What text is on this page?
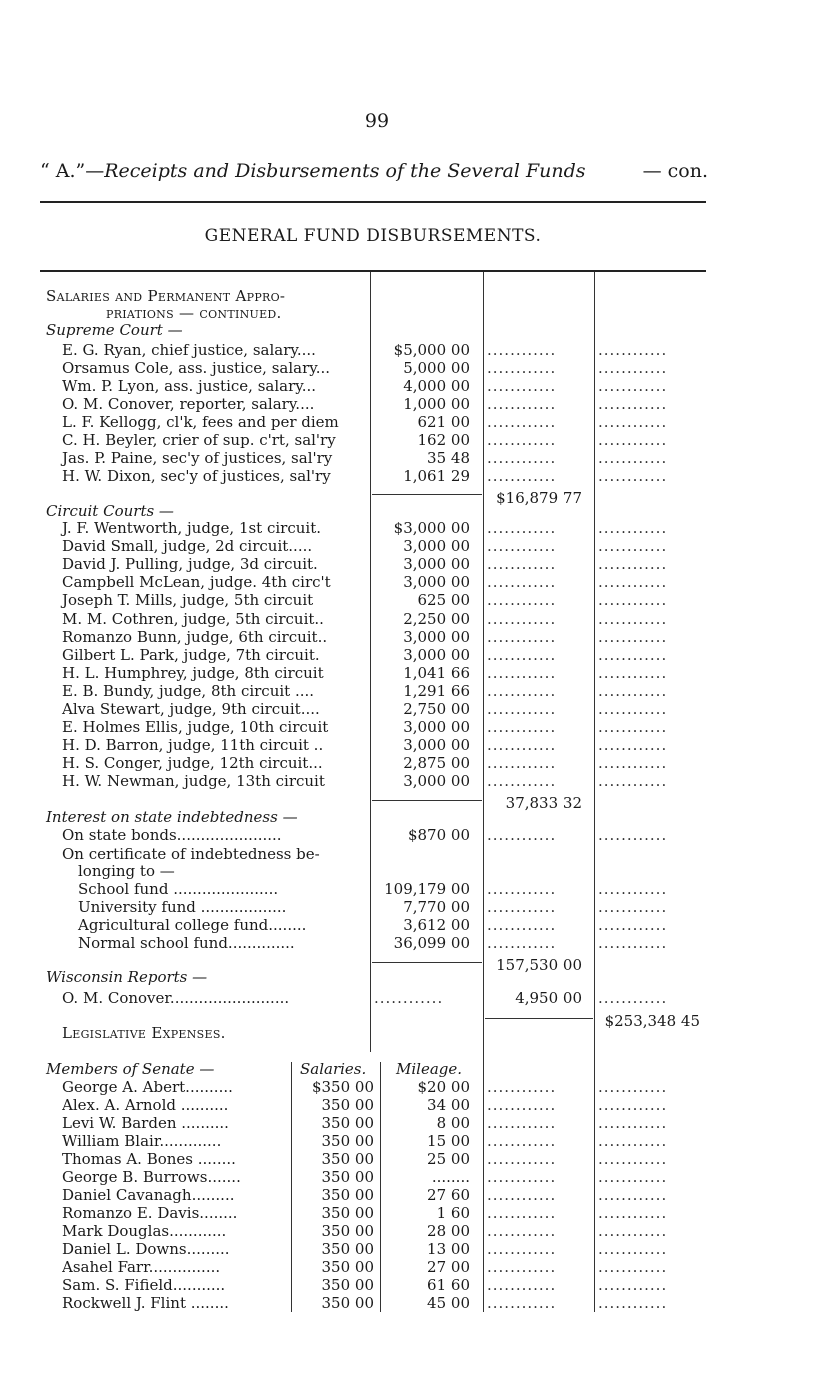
99
“ A.”—Receipts and Disbursements of the Several Funds	— con.
GENERAL FUND DISBURSEMENTS.
Salaries and Permanent Appro-
priations — continued.
Supreme Court —
E. G. Ryan, chief justice, salary....	$5,000 00 ............	............
Orsamus Cole, ass. justice, salary...	5,000 00 ............	............
Wm. P. Lyon, ass. justice, salary...	4,000 00 ............	............
O. M. Conover, reporter, salary....	1,000 00 ............	............
L. F. Kellogg, cl'k, fees and per diem	621 00 ............	............
C. H. Beyler, crier of sup. c'rt, sal'ry	162 00 ............	............
Jas. P. Paine, sec'y of justices, sal'ry	35 48 ............	............
H. W. Dixon, sec'y of justices, sal'ry	1,061 29 ............	............
$16,879 77
Circuit Courts —
J. F. Wentworth, judge, 1st circuit.	$3,000 00 ............	............
David Small, judge, 2d circuit.....	3,000 00 ............	............
David J. Pulling, judge, 3d circuit.	3,000 00 ............	............
Campbell McLean, judge. 4th circ't	3,000 00 ............	............
Joseph T. Mills, judge, 5th circuit	625 00 ............	............
M. M. Cothren, judge, 5th circuit..	2,250 00 ............	............
Romanzo Bunn, judge, 6th circuit..	3,000 00 ............	............
Gilbert L. Park, judge, 7th circuit.	3,000 00 ............	............
H. L. Humphrey, judge, 8th circuit	1,041 66 ............	............
E. B. Bundy, judge, 8th circuit ....	1,291 66 ............	............
Alva Stewart, judge, 9th circuit....	2,750 00 ............	............
E. Holmes Ellis, judge, 10th circuit	3,000 00 ............	............
H. D. Barron, judge, 11th circuit ..	3,000 00 ............	............
H. S. Conger, judge, 12th circuit...	2,875 00 ............	............
H. W. Newman, judge, 13th circuit	3,000 00 ............	............
37,833 32
Interest on state indebtedness —
On state bonds......................	$870 00 ............	............
On certificate of indebtedness be-
longing to —
School fund ......................	109,179 00 ............	............
University fund ..................	7,770 00 ............	............
Agricultural college fund........	3,612 00 ............	............
Normal school fund..............	36,099 00 ............	............
157,530 00
Wisconsin Reports —
O. M. Conover.........................	............	4,950 00 ............
$253,348 45
Legislative Expenses.
Members of Senate —	Salaries. Mileage.
George A. Abert..........	$350 00	$20 00 ............	............
Alex. A. Arnold ..........	350 00	34 00 ............	............
Levi W. Barden ..........	350 00	8 00 ............	............
William Blair.............	350 00	15 00 ............	............
Thomas A. Bones ........	350 00	25 00 ............	............
George B. Burrows.......	350 00	........ ............	............
Daniel Cavanagh.........	350 00	27 60 ............	............
Romanzo E. Davis........	350 00	1 60 ............	............
Mark Douglas............	350 00	28 00 ............	............
Daniel L. Downs.........	350 00	13 00 ............	............
Asahel Farr...............	350 00	27 00 ............	............
Sam. S. Fifield...........	350 00	61 60 ............	............
Rockwell J. Flint ........	350 00	45 00 ............	............
